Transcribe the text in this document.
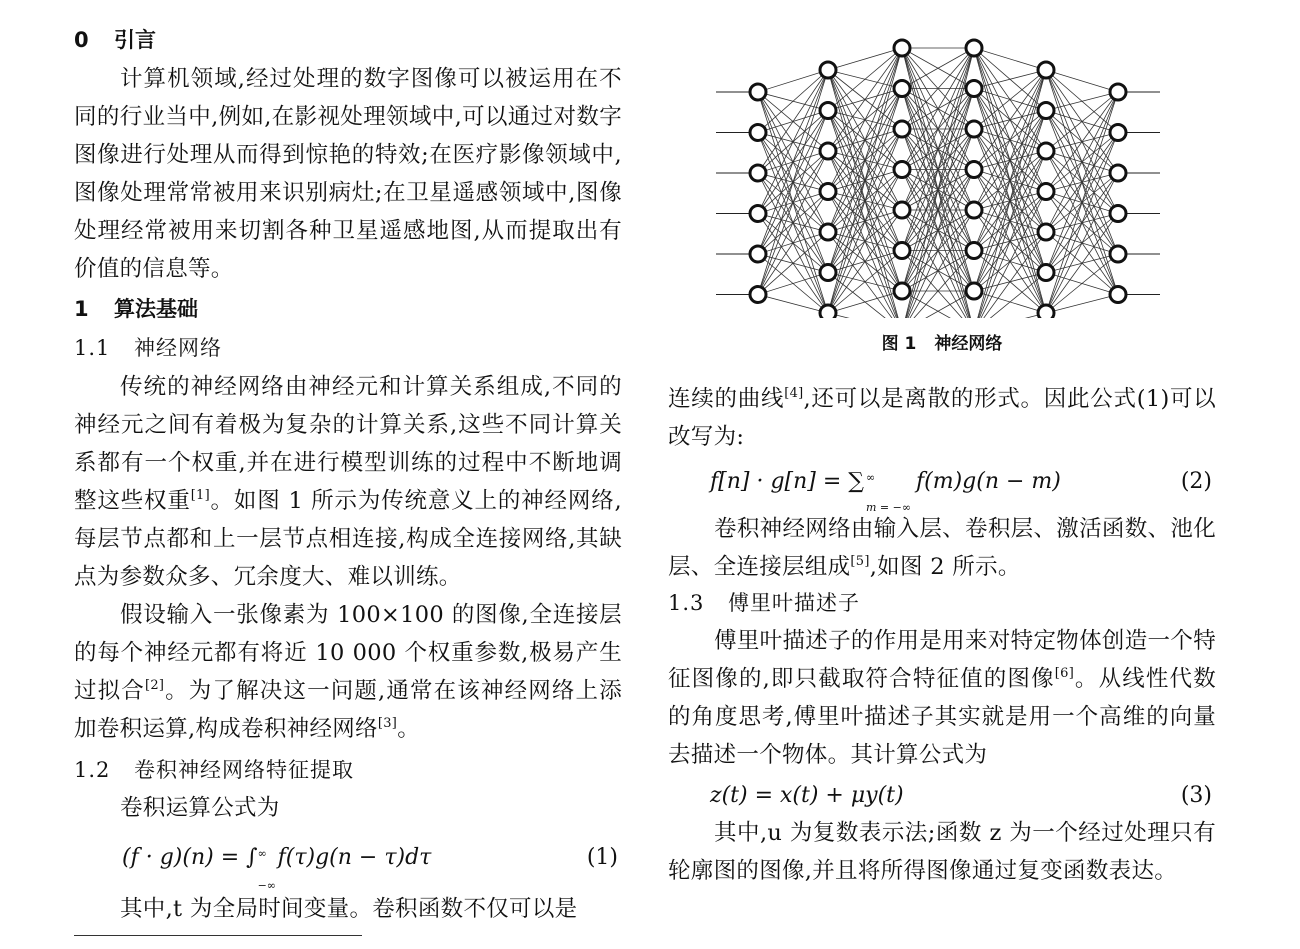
0 引言
计算机领域,经过处理的数字图像可以被运用在不同的行业当中,例如,在影视处理领域中,可以通过对数字图像进行处理从而得到惊艳的特效;在医疗影像领域中,图像处理常常被用来识别病灶;在卫星遥感领域中,图像处理经常被用来切割各种卫星遥感地图,从而提取出有价值的信息等。
1 算法基础
1.1 神经网络
传统的神经网络由神经元和计算关系组成,不同的神经元之间有着极为复杂的计算关系,这些不同计算关系都有一个权重,并在进行模型训练的过程中不断地调整这些权重[1]。如图 1 所示为传统意义上的神经网络,每层节点都和上一层节点相连接,构成全连接网络,其缺点为参数众多、冗余度大、难以训练。
假设输入一张像素为 100×100 的图像,全连接层的每个神经元都有将近 10 000 个权重参数,极易产生过拟合[2]。为了解决这一问题,通常在该神经网络上添加卷积运算,构成卷积神经网络[3]。
1.2 卷积神经网络特征提取
卷积运算公式为
(f · g)(n) = ∫ ∞
−∞
f(τ)g(n − τ)dτ	(1)
其中,t 为全局时间变量。卷积函数不仅可以是
图 1 神经网络
连续的曲线[4],还可以是离散的形式。因此公式(1)可以改写为:
f[n] · g[n] = ∑ ∞
m = −∞
f(m)g(n − m)	(2)
卷积神经网络由输入层、卷积层、激活函数、池化层、全连接层组成[5],如图 2 所示。
1.3 傅里叶描述子
傅里叶描述子的作用是用来对特定物体创造一个特征图像的,即只截取符合特征值的图像[6]。从线性代数的角度思考,傅里叶描述子其实就是用一个高维的向量去描述一个物体。其计算公式为
z(t) = x(t) + μy(t)	(3)
其中,u 为复数表示法;函数 z 为一个经过处理只有轮廓图的图像,并且将所得图像通过复变函数表达。
